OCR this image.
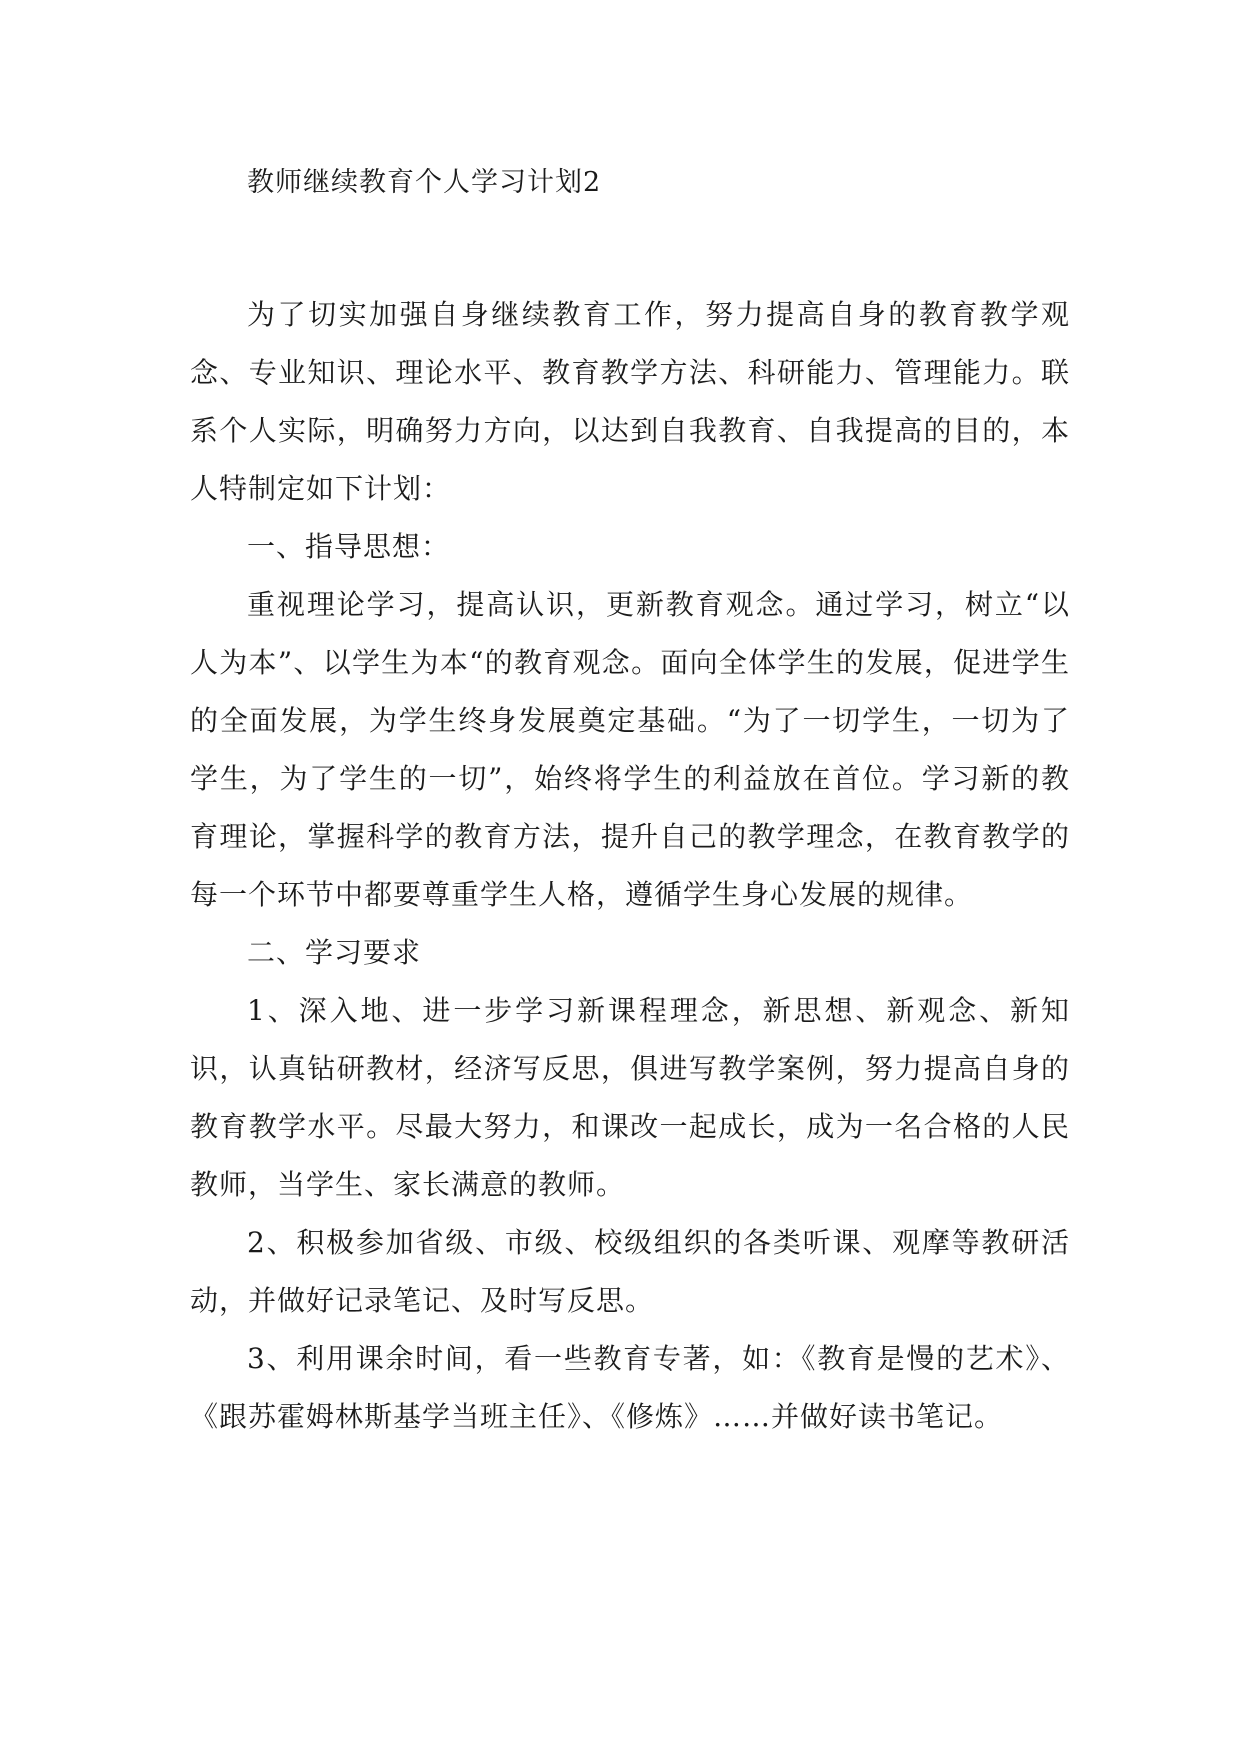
教师继续教育个人学习计划2

为了切实加强自身继续教育工作，努力提高自身的教育教学观念、专业知识、理论水平、教育教学方法、科研能力、管理能力。联系个人实际，明确努力方向，以达到自我教育、自我提高的目的，本人特制定如下计划：

一、指导思想：

重视理论学习，提高认识，更新教育观念。通过学习，树立“以人为本”、以学生为本“的教育观念。面向全体学生的发展，促进学生的全面发展，为学生终身发展奠定基础。“为了一切学生，一切为了学生，为了学生的一切”，始终将学生的利益放在首位。学习新的教育理论，掌握科学的教育方法，提升自己的教学理念，在教育教学的每一个环节中都要尊重学生人格，遵循学生身心发展的规律。

二、学习要求

1、深入地、进一步学习新课程理念，新思想、新观念、新知识，认真钻研教材，经济写反思，俱进写教学案例，努力提高自身的教育教学水平。尽最大努力，和课改一起成长，成为一名合格的人民教师，当学生、家长满意的教师。

2、积极参加省级、市级、校级组织的各类听课、观摩等教研活动，并做好记录笔记、及时写反思。

3、利用课余时间，看一些教育专著，如：《教育是慢的艺术》、《跟苏霍姆林斯基学当班主任》、《修炼》……并做好读书笔记。
